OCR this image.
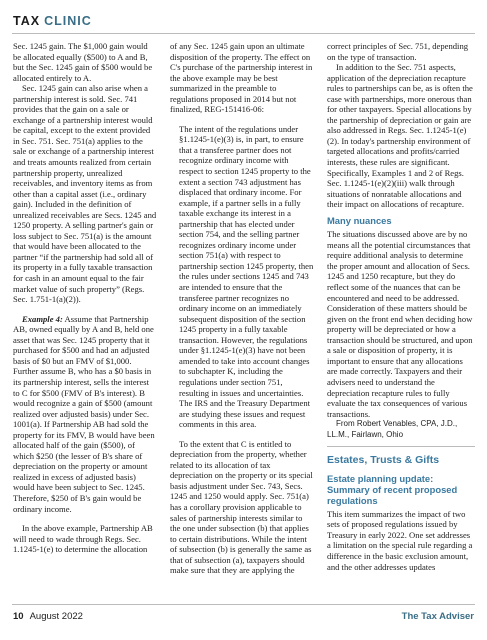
TAX CLINIC

Sec. 1245 gain. The $1,000 gain would be allocated equally ($500) to A and B, but the Sec. 1245 gain of $500 would be allocated entirely to A.

Sec. 1245 gain can also arise when a partnership interest is sold. Sec. 741 provides that the gain on a sale or exchange of a partnership interest would be capital, except to the extent provided in Sec. 751. Sec. 751(a) applies to the sale or exchange of a partnership interest and treats amounts realized from certain partnership property, unrealized receivables, and inventory items as from other than a capital asset (i.e., ordinary gain). Included in the definition of unrealized receivables are Secs. 1245 and 1250 property. A selling partner's gain or loss subject to Sec. 751(a) is the amount that would have been allocated to the partner “if the partnership had sold all of its property in a fully taxable transaction for cash in an amount equal to the fair market value of such property” (Regs. Sec. 1.751-1(a)(2)).

Example 4: Assume that Partnership AB, owned equally by A and B, held one asset that was Sec. 1245 property that it purchased for $500 and had an adjusted basis of $0 but an FMV of $1,000. Further assume B, who has a $0 basis in its partnership interest, sells the interest to C for $500 (FMV of B's interest). B would recognize a gain of $500 (amount realized over adjusted basis) under Sec. 1001(a). If Partnership AB had sold the property for its FMV, B would have been allocated half of the gain ($500), of which $250 (the lesser of B's share of depreciation on the property or amount realized in excess of adjusted basis) would have been subject to Sec. 1245. Therefore, $250 of B's gain would be ordinary income.

In the above example, Partnership AB will need to wade through Regs. Sec. 1.1245-1(e) to determine the allocation

of any Sec. 1245 gain upon an ultimate disposition of the property. The effect on C's purchase of the partnership interest in the above example may be best summarized in the preamble to regulations proposed in 2014 but not finalized, REG-151416-06:

The intent of the regulations under §1.1245-1(e)(3) is, in part, to ensure that a transferee partner does not recognize ordinary income with respect to section 1245 property to the extent a section 743 adjustment has displaced that ordinary income. For example, if a partner sells in a fully taxable exchange its interest in a partnership that has elected under section 754, and the selling partner recognizes ordinary income under section 751(a) with respect to partnership section 1245 property, then the rules under sections 1245 and 743 are intended to ensure that the transferee partner recognizes no ordinary income on an immediately subsequent disposition of the section 1245 property in a fully taxable transaction. However, the regulations under §1.1245-1(e)(3) have not been amended to take into account changes to subchapter K, including the regulations under section 751, resulting in issues and uncertainties. The IRS and the Treasury Department are studying these issues and request comments in this area.

To the extent that C is entitled to depreciation from the property, whether related to its allocation of tax depreciation on the property or its special basis adjustment under Sec. 743, Secs. 1245 and 1250 would apply. Sec. 751(a) has a corollary provision applicable to sales of partnership interests similar to the one under subsection (b) that applies to certain distributions. While the intent of subsection (b) is generally the same as that of subsection (a), taxpayers should make sure that they are applying the

correct principles of Sec. 751, depending on the type of transaction.

In addition to the Sec. 751 aspects, application of the depreciation recapture rules to partnerships can be, as is often the case with partnerships, more onerous than for other taxpayers. Special allocations by the partnership of depreciation or gain are also addressed in Regs. Sec. 1.1245-1(e)(2). In today's partnership environment of targeted allocations and profits/carried interests, these rules are significant. Specifically, Examples 1 and 2 of Regs. Sec. 1.1245-1(e)(2)(iii) walk through situations of nonratable allocations and their impact on allocations of recapture.

Many nuances

The situations discussed above are by no means all the potential circumstances that require additional analysis to determine the proper amount and allocation of Secs. 1245 and 1250 recapture, but they do reflect some of the nuances that can be encountered and need to be addressed. Consideration of these matters should be given on the front end when deciding how property will be depreciated or how a transaction should be structured, and upon a sale or disposition of property, it is important to ensure that any allocations are made correctly. Taxpayers and their advisers need to understand the depreciation recapture rules to fully evaluate the tax consequences of various transactions.

From Robert Venables, CPA, J.D.,
LL.M., Fairlawn, Ohio

Estates, Trusts & Gifts
Estate planning update: Summary of recent proposed regulations

This item summarizes the impact of two sets of proposed regulations issued by Treasury in early 2022. One set addresses a limitation on the special rule regarding a difference in the basic exclusion amount, and the other addresses updates

10 August 2022	The Tax Adviser
